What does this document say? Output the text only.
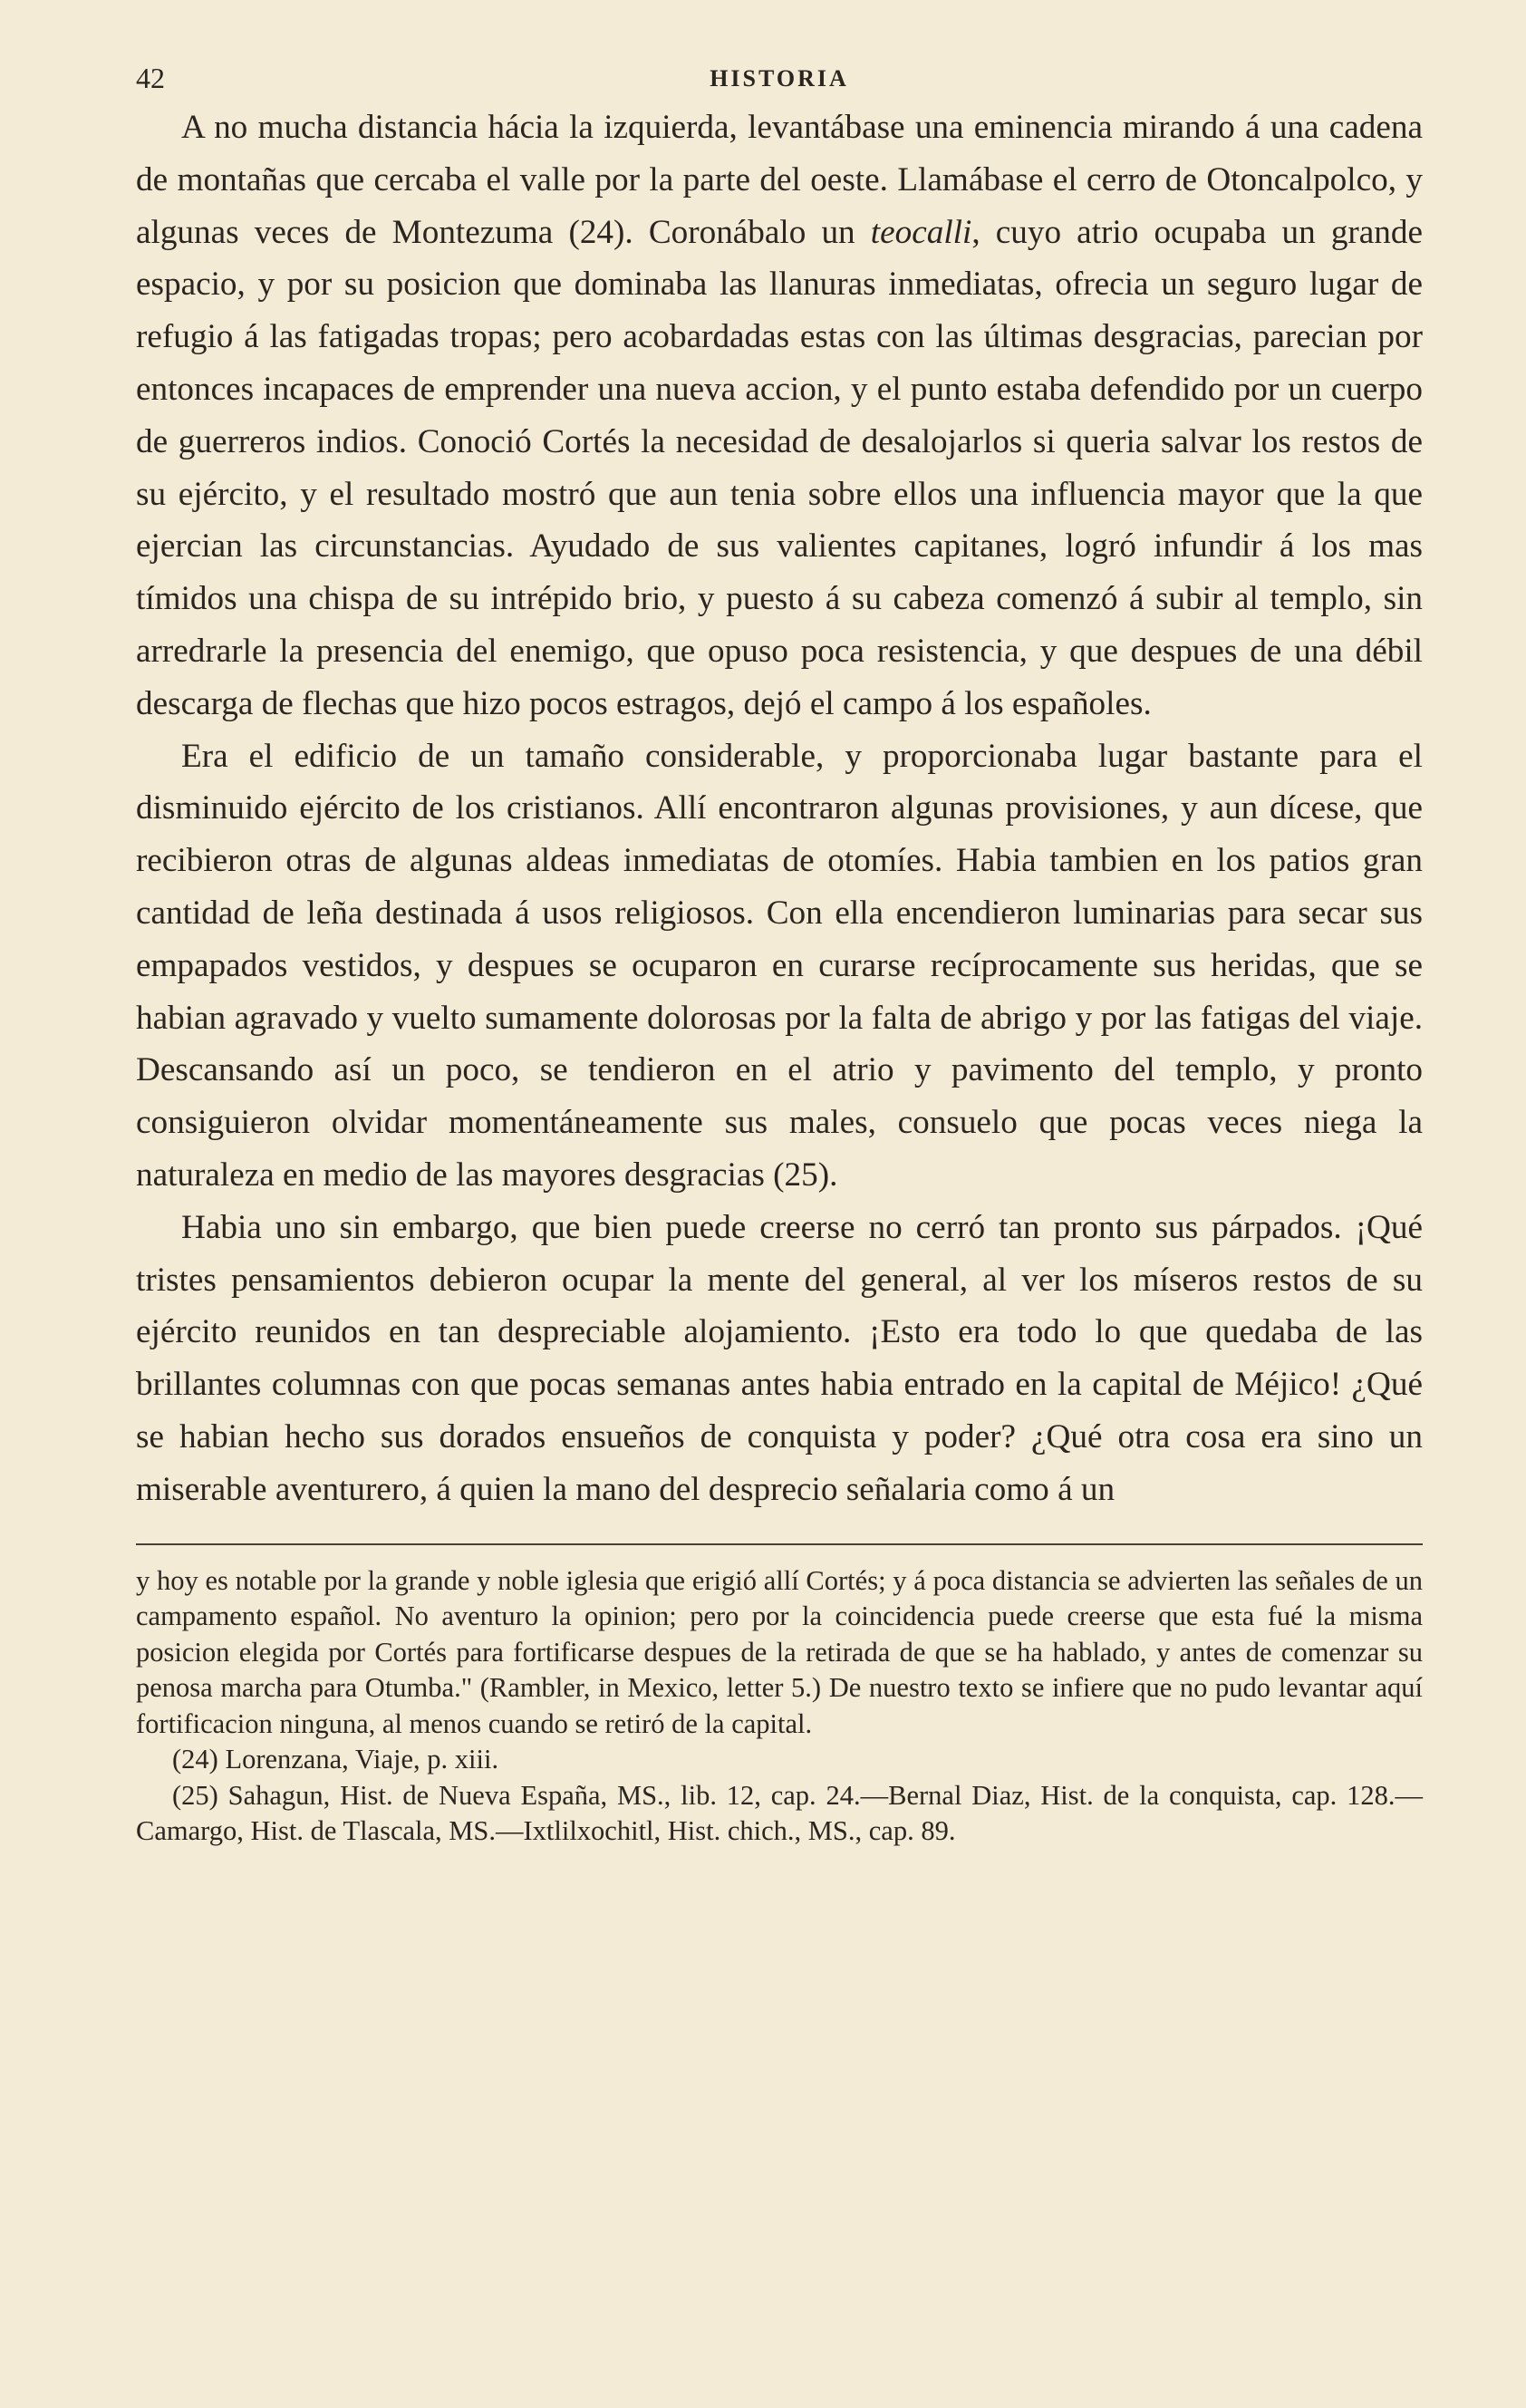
42	HISTORIA

A no mucha distancia hácia la izquierda, levantábase una eminencia mirando á una cadena de montañas que cercaba el valle por la parte del oeste. Llamábase el cerro de Otoncalpolco, y algunas veces de Montezuma (24). Coronábalo un teocalli, cuyo atrio ocupaba un grande espacio, y por su posicion que dominaba las llanuras inmediatas, ofrecia un seguro lugar de refugio á las fatigadas tropas; pero acobardadas estas con las últimas desgracias, parecian por entonces incapaces de emprender una nueva accion, y el punto estaba defendido por un cuerpo de guerreros indios. Conoció Cortés la necesidad de desalojarlos si queria salvar los restos de su ejército, y el resultado mostró que aun tenia sobre ellos una influencia mayor que la que ejercian las circunstancias. Ayudado de sus valientes capitanes, logró infundir á los mas tímidos una chispa de su intrépido brio, y puesto á su cabeza comenzó á subir al templo, sin arredrarle la presencia del enemigo, que opuso poca resistencia, y que despues de una débil descarga de flechas que hizo pocos estragos, dejó el campo á los españoles.

Era el edificio de un tamaño considerable, y proporcionaba lugar bastante para el disminuido ejército de los cristianos. Allí encontraron algunas provisiones, y aun dícese, que recibieron otras de algunas aldeas inmediatas de otomíes. Habia tambien en los patios gran cantidad de leña destinada á usos religiosos. Con ella encendieron luminarias para secar sus empapados vestidos, y despues se ocuparon en curarse recíprocamente sus heridas, que se habian agravado y vuelto sumamente dolorosas por la falta de abrigo y por las fatigas del viaje. Descansando así un poco, se tendieron en el atrio y pavimento del templo, y pronto consiguieron olvidar momentáneamente sus males, consuelo que pocas veces niega la naturaleza en medio de las mayores desgracias (25).

Habia uno sin embargo, que bien puede creerse no cerró tan pronto sus párpados. ¡Qué tristes pensamientos debieron ocupar la mente del general, al ver los míseros restos de su ejército reunidos en tan despreciable alojamiento. ¡Esto era todo lo que quedaba de las brillantes columnas con que pocas semanas antes habia entrado en la capital de Méjico! ¿Qué se habian hecho sus dorados ensueños de conquista y poder? ¿Qué otra cosa era sino un miserable aventurero, á quien la mano del desprecio señalaria como á un

y hoy es notable por la grande y noble iglesia que erigió allí Cortés; y á poca distancia se advierten las señales de un campamento español. No aventuro la opinion; pero por la coincidencia puede creerse que esta fué la misma posicion elegida por Cortés para fortificarse despues de la retirada de que se ha hablado, y antes de comenzar su penosa marcha para Otumba." (Rambler, in Mexico, letter 5.) De nuestro texto se infiere que no pudo levantar aquí fortificacion ninguna, al menos cuando se retiró de la capital.

(24) Lorenzana, Viaje, p. xiii.

(25) Sahagun, Hist. de Nueva España, MS., lib. 12, cap. 24.—Bernal Diaz, Hist. de la conquista, cap. 128.—Camargo, Hist. de Tlascala, MS.—Ixtlilxochitl, Hist. chich., MS., cap. 89.
